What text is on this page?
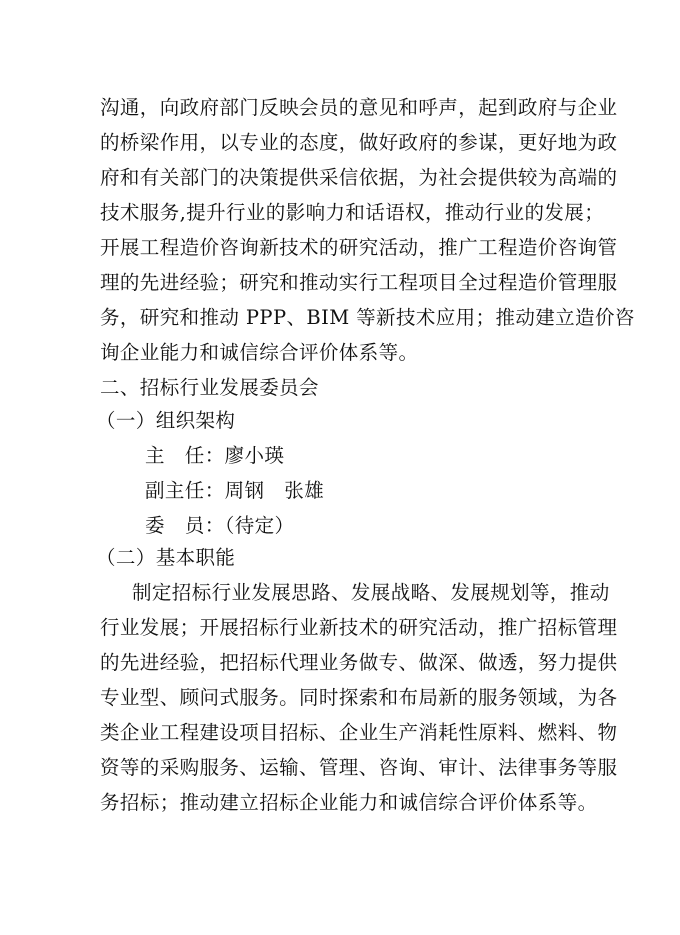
沟通，向政府部门反映会员的意见和呼声，起到政府与企业
的桥梁作用，以专业的态度，做好政府的参谋，更好地为政
府和有关部门的决策提供采信依据，为社会提供较为高端的
技术服务,提升行业的影响力和话语权，推动行业的发展；
开展工程造价咨询新技术的研究活动，推广工程造价咨询管
理的先进经验；研究和推动实行工程项目全过程造价管理服
务，研究和推动 PPP、BIM 等新技术应用；推动建立造价咨
询企业能力和诚信综合评价体系等。
二、招标行业发展委员会
（一）组织架构
主　任：廖小瑛
副主任：周钢　张雄
委　员：（待定）
（二）基本职能
制定招标行业发展思路、发展战略、发展规划等，推动
行业发展；开展招标行业新技术的研究活动，推广招标管理
的先进经验，把招标代理业务做专、做深、做透，努力提供
专业型、顾问式服务。同时探索和布局新的服务领域，为各
类企业工程建设项目招标、企业生产消耗性原料、燃料、物
资等的采购服务、运输、管理、咨询、审计、法律事务等服
务招标；推动建立招标企业能力和诚信综合评价体系等。
